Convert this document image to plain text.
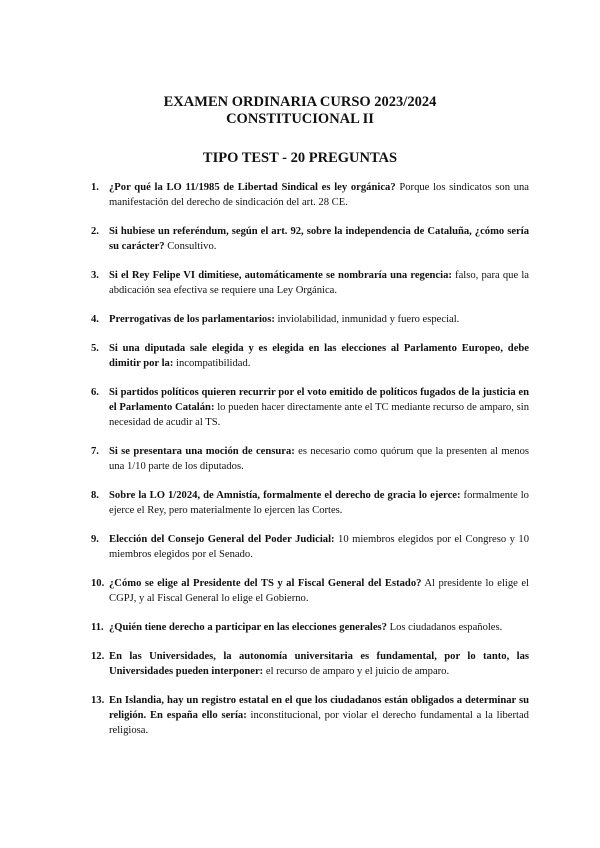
EXAMEN ORDINARIA CURSO 2023/2024
CONSTITUCIONAL II
TIPO TEST - 20 PREGUNTAS
1. ¿Por qué la LO 11/1985 de Libertad Sindical es ley orgánica? Porque los sindicatos son una manifestación del derecho de sindicación del art. 28 CE.
2. Si hubiese un referéndum, según el art. 92, sobre la independencia de Cataluña, ¿cómo sería su carácter? Consultivo.
3. Si el Rey Felipe VI dimitiese, automáticamente se nombraría una regencia: falso, para que la abdicación sea efectiva se requiere una Ley Orgánica.
4. Prerrogativas de los parlamentarios: inviolabilidad, inmunidad y fuero especial.
5. Si una diputada sale elegida y es elegida en las elecciones al Parlamento Europeo, debe dimitir por la: incompatibilidad.
6. Si partidos políticos quieren recurrir por el voto emitido de políticos fugados de la justicia en el Parlamento Catalán: lo pueden hacer directamente ante el TC mediante recurso de amparo, sin necesidad de acudir al TS.
7. Si se presentara una moción de censura: es necesario como quórum que la presenten al menos una 1/10 parte de los diputados.
8. Sobre la LO 1/2024, de Amnistía, formalmente el derecho de gracia lo ejerce: formalmente lo ejerce el Rey, pero materialmente lo ejercen las Cortes.
9. Elección del Consejo General del Poder Judicial: 10 miembros elegidos por el Congreso y 10 miembros elegidos por el Senado.
10. ¿Cómo se elige al Presidente del TS y al Fiscal General del Estado? Al presidente lo elige el CGPJ, y al Fiscal General lo elige el Gobierno.
11. ¿Quién tiene derecho a participar en las elecciones generales? Los ciudadanos españoles.
12. En las Universidades, la autonomía universitaria es fundamental, por lo tanto, las Universidades pueden interponer: el recurso de amparo y el juicio de amparo.
13. En Islandia, hay un registro estatal en el que los ciudadanos están obligados a determinar su religión. En españa ello sería: inconstitucional, por violar el derecho fundamental a la libertad religiosa.
